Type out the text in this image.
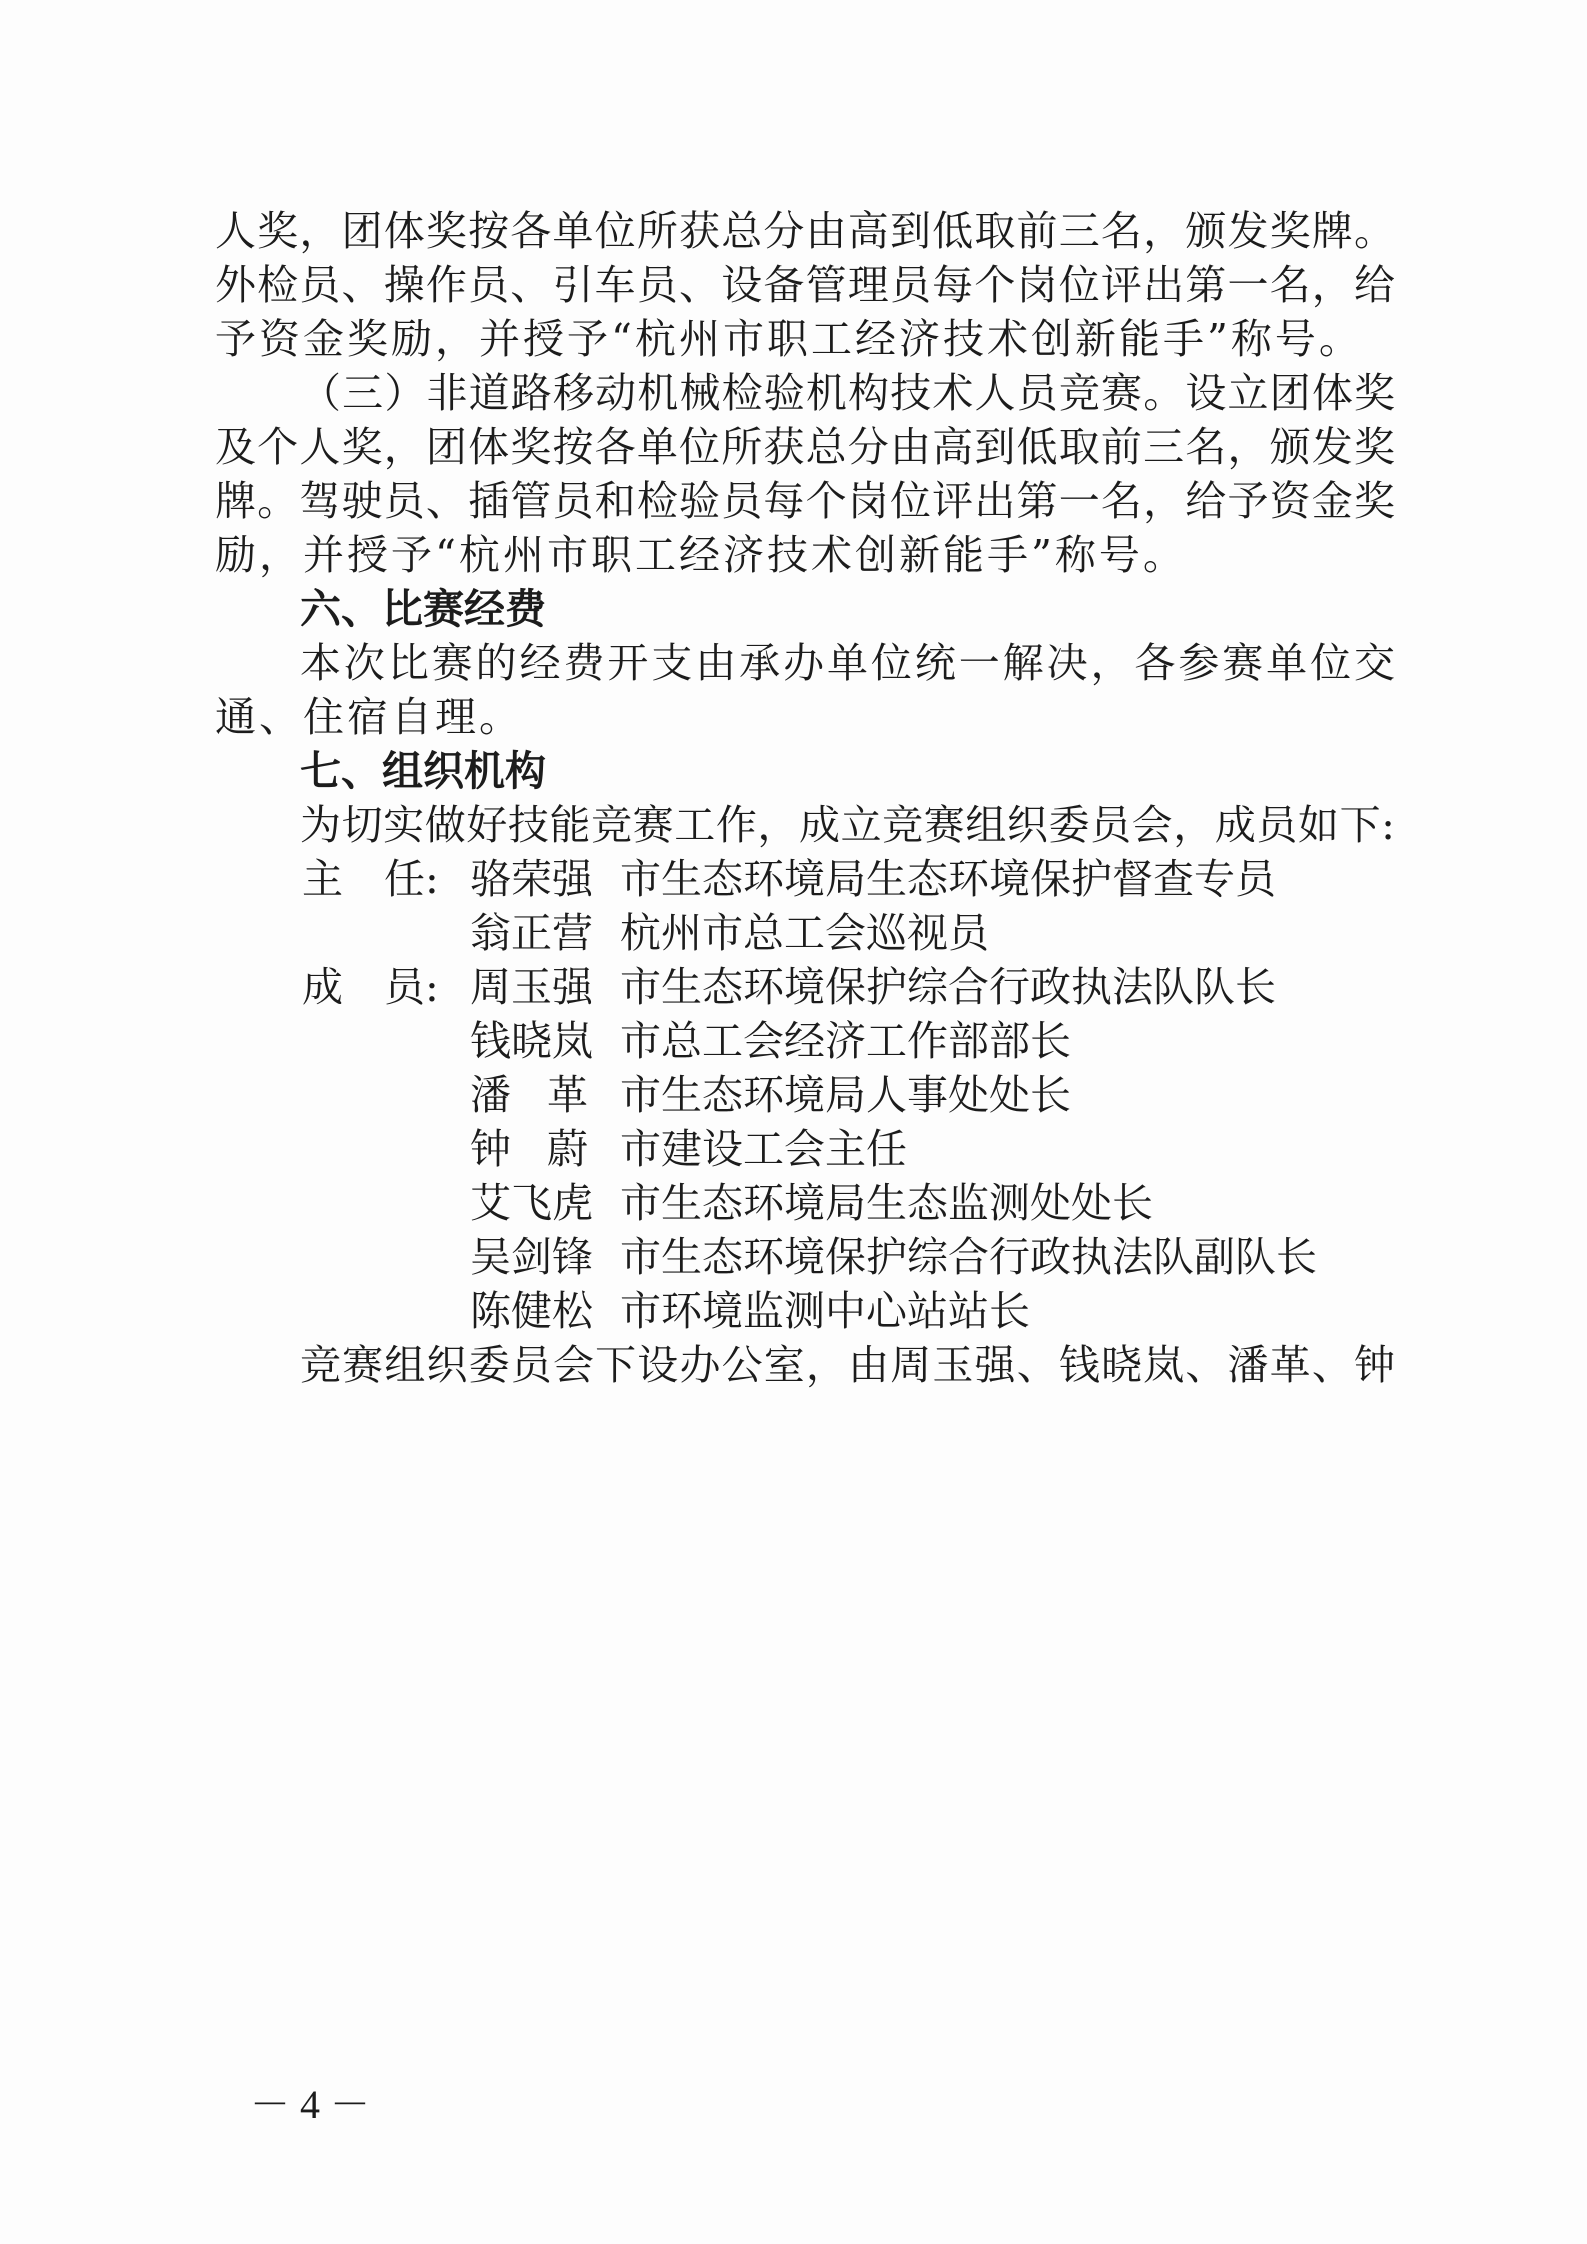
人奖，团体奖按各单位所获总分由高到低取前三名，颁发奖牌。
外检员、操作员、引车员、设备管理员每个岗位评出第一名，给
予资金奖励，并授予“杭州市职工经济技术创新能手”称号。
（三）非道路移动机械检验机构技术人员竞赛。设立团体奖
及个人奖，团体奖按各单位所获总分由高到低取前三名，颁发奖
牌。驾驶员、插管员和检验员每个岗位评出第一名，给予资金奖
励，并授予“杭州市职工经济技术创新能手”称号。
六、比赛经费
本次比赛的经费开支由承办单位统一解决，各参赛单位交
通、住宿自理。
七、组织机构
为切实做好技能竞赛工作，成立竞赛组织委员会，成员如下:
主　任: 骆荣强 市生态环境局生态环境保护督查专员
翁正营 杭州市总工会巡视员
成　员: 周玉强 市生态环境保护综合行政执法队队长
钱晓岚 市总工会经济工作部部长
潘革 市生态环境局人事处处长
钟蔚 市建设工会主任
艾飞虎 市生态环境局生态监测处处长
吴剑锋 市生态环境保护综合行政执法队副队长
陈健松 市环境监测中心站站长
竞赛组织委员会下设办公室，由周玉强、钱晓岚、潘革、钟
－ 4 －
